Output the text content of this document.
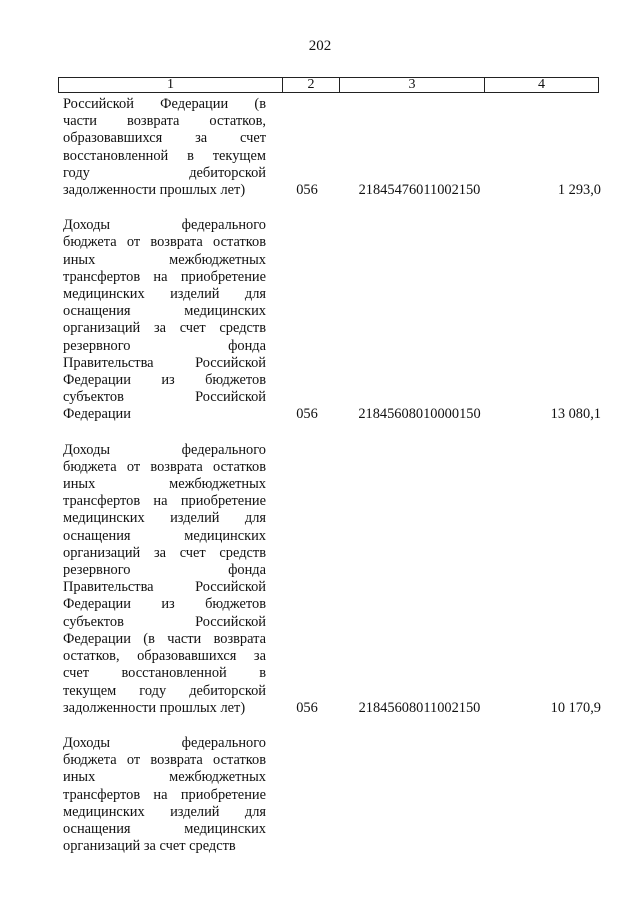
202
1	2	3	4
Российской Федерации (в
части возврата остатков,
образовавшихся за счет
восстановленной в текущем
году дебиторской
задолженности прошлых лет)	056	21845476011002150	1 293,0
Доходы федерального
бюджета от возврата остатков
иных межбюджетных
трансфертов на приобретение
медицинских изделий для
оснащения медицинских
организаций за счет средств
резервного фонда
Правительства Российской
Федерации из бюджетов
субъектов Российской
Федерации	056	21845608010000150	13 080,1
Доходы федерального
бюджета от возврата остатков
иных межбюджетных
трансфертов на приобретение
медицинских изделий для
оснащения медицинских
организаций за счет средств
резервного фонда
Правительства Российской
Федерации из бюджетов
субъектов Российской
Федерации (в части возврата
остатков, образовавшихся за
счет восстановленной в
текущем году дебиторской
задолженности прошлых лет)	056	21845608011002150	10 170,9
Доходы федерального
бюджета от возврата остатков
иных межбюджетных
трансфертов на приобретение
медицинских изделий для
оснащения медицинских
организаций за счет средств
